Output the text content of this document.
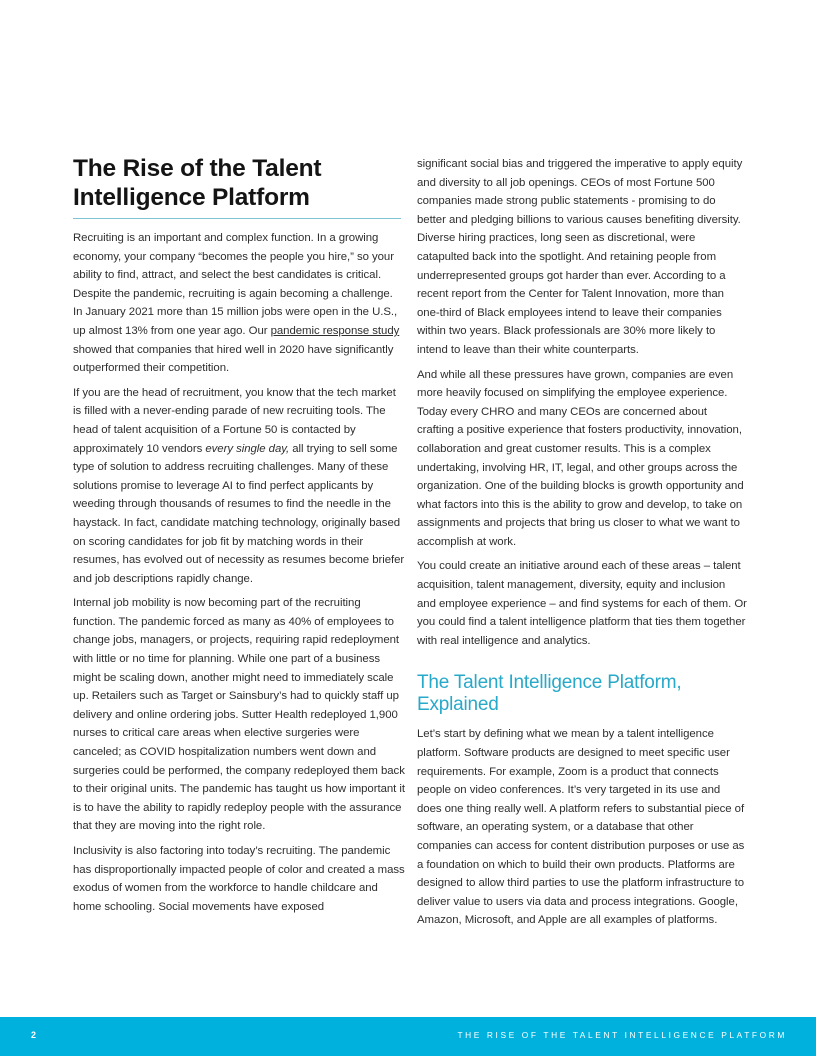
The Rise of the Talent Intelligence Platform

Recruiting is an important and complex function. In a growing economy, your company “becomes the people you hire,” so your ability to find, attract, and select the best candidates is critical. Despite the pandemic, recruiting is again becoming a challenge. In January 2021 more than 15 million jobs were open in the U.S., up almost 13% from one year ago. Our pandemic response study showed that companies that hired well in 2020 have significantly outperformed their competition.

If you are the head of recruitment, you know that the tech market is filled with a never-ending parade of new recruiting tools. The head of talent acquisition of a Fortune 50 is contacted by approximately 10 vendors every single day, all trying to sell some type of solution to address recruiting challenges. Many of these solutions promise to leverage AI to find perfect applicants by weeding through thousands of resumes to find the needle in the haystack. In fact, candidate matching technology, originally based on scoring candidates for job fit by matching words in their resumes, has evolved out of necessity as resumes become briefer and job descriptions rapidly change.

Internal job mobility is now becoming part of the recruiting function. The pandemic forced as many as 40% of employees to change jobs, managers, or projects, requiring rapid redeployment with little or no time for planning. While one part of a business might be scaling down, another might need to immediately scale up. Retailers such as Target or Sainsbury’s had to quickly staff up delivery and online ordering jobs. Sutter Health redeployed 1,900 nurses to critical care areas when elective surgeries were canceled; as COVID hospitalization numbers went down and surgeries could be performed, the company redeployed them back to their original units. The pandemic has taught us how important it is to have the ability to rapidly redeploy people with the assurance that they are moving into the right role.

Inclusivity is also factoring into today’s recruiting. The pandemic has disproportionally impacted people of color and created a mass exodus of women from the workforce to handle childcare and home schooling. Social movements have exposed

significant social bias and triggered the imperative to apply equity and diversity to all job openings. CEOs of most Fortune 500 companies made strong public statements - promising to do better and pledging billions to various causes benefiting diversity. Diverse hiring practices, long seen as discretional, were catapulted back into the spotlight. And retaining people from underrepresented groups got harder than ever. According to a recent report from the Center for Talent Innovation, more than one-third of Black employees intend to leave their companies within two years. Black professionals are 30% more likely to intend to leave than their white counterparts.

And while all these pressures have grown, companies are even more heavily focused on simplifying the employee experience. Today every CHRO and many CEOs are concerned about crafting a positive experience that fosters productivity, innovation, collaboration and great customer results. This is a complex undertaking, involving HR, IT, legal, and other groups across the organization. One of the building blocks is growth opportunity and what factors into this is the ability to grow and develop, to take on assignments and projects that bring us closer to what we want to accomplish at work.

You could create an initiative around each of these areas – talent acquisition, talent management, diversity, equity and inclusion and employee experience – and find systems for each of them. Or you could find a talent intelligence platform that ties them together with real intelligence and analytics.

The Talent Intelligence Platform, Explained

Let’s start by defining what we mean by a talent intelligence platform. Software products are designed to meet specific user requirements. For example, Zoom is a product that connects people on video conferences. It’s very targeted in its use and does one thing really well. A platform refers to substantial piece of software, an operating system, or a database that other companies can access for content distribution purposes or use as a foundation on which to build their own products. Platforms are designed to allow third parties to use the platform infrastructure to deliver value to users via data and process integrations. Google, Amazon, Microsoft, and Apple are all examples of platforms.

2	THE RISE OF THE TALENT INTELLIGENCE PLATFORM
